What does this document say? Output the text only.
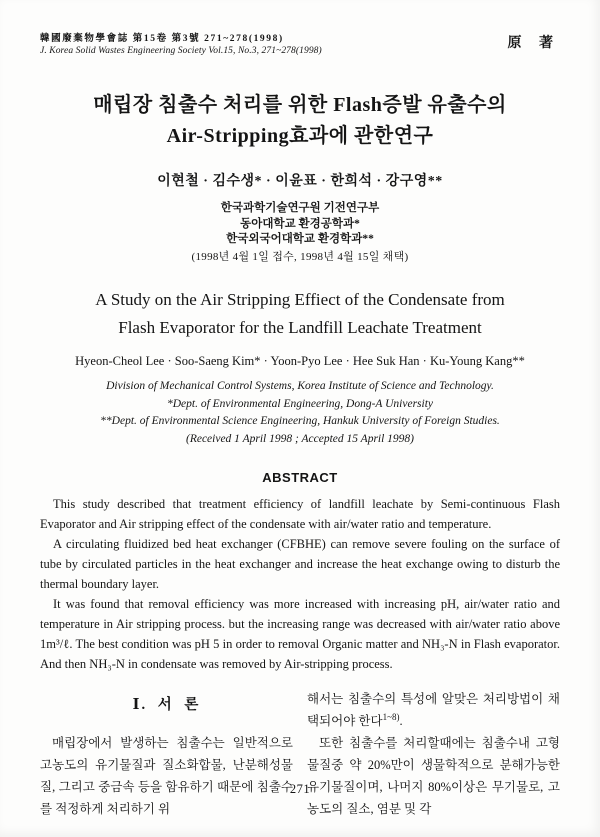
韓國廢棄物學會誌 第15卷 第3號 271~278(1998)
J. Korea Solid Wastes Engineering Society Vol.15, No.3, 271~278(1998)	原 著
매립장 침출수 처리를 위한 Flash증발 유출수의
Air-Stripping효과에 관한연구
이현철 · 김수생* · 이윤표 · 한희석 · 강구영**
한국과학기술연구원 기전연구부
동아대학교 환경공학과*
한국외국어대학교 환경학과**
(1998년 4월 1일 접수, 1998년 4월 15일 채택)
A Study on the Air Stripping Effiect of the Condensate from
Flash Evaporator for the Landfill Leachate Treatment
Hyeon-Cheol Lee · Soo-Saeng Kim* · Yoon-Pyo Lee · Hee Suk Han · Ku-Young Kang**
Division of Mechanical Control Systems, Korea Institute of Science and Technology.
*Dept. of Environmental Engineering, Dong-A University
**Dept. of Environmental Science Engineering, Hankuk University of Foreign Studies.
(Received 1 April 1998 ; Accepted 15 April 1998)
ABSTRACT

This study described that treatment efficiency of landfill leachate by Semi-continuous Flash Evaporator and Air stripping effect of the condensate with air/water ratio and temperature.

A circulating fluidized bed heat exchanger (CFBHE) can remove severe fouling on the surface of tube by circulated particles in the heat exchanger and increase the heat exchange owing to disturb the thermal boundary layer.

It was found that removal efficiency was more increased with increasing pH, air/water ratio and temperature in Air stripping process. but the increasing range was decreased with air/water ratio above 1m³/ℓ. The best condition was pH 5 in order to removal Organic matter and NH₃-N in Flash evaporator. And then NH₃-N in condensate was removed by Air-stripping process.

Ⅰ. 서 론

매립장에서 발생하는 침출수는 일반적으로 고농도의 유기물질과 질소화합물, 난분해성물질, 그리고 중금속 등을 함유하기 때문에 침출수를 적정하게 처리하기 위

해서는 침출수의 특성에 알맞은 처리방법이 채택되어야 한다$^{1\sim 8)}$.

또한 침출수를 처리할때에는 침출수내 고형물질중 약 20%만이 생물학적으로 분해가능한 유기물질이며, 나머지 80%이상은 무기물로, 고농도의 질소, 염분 및 각

271
